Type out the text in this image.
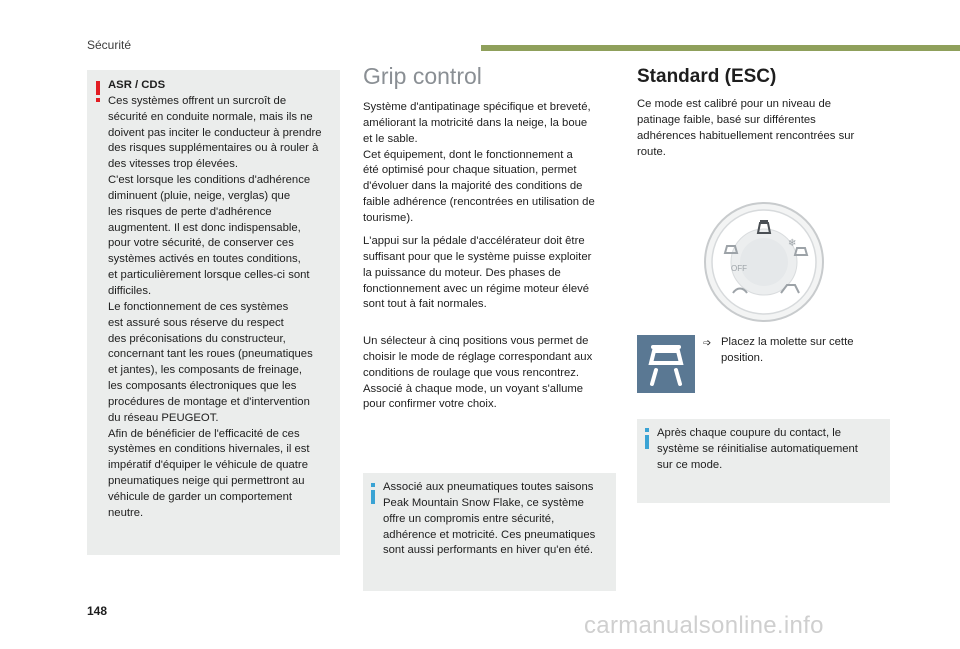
Sécurité
ASR / CDS
Ces systèmes offrent un surcroît de
sécurité en conduite normale, mais ils ne
doivent pas inciter le conducteur à prendre
des risques supplémentaires ou à rouler à
des vitesses trop élevées.
C'est lorsque les conditions d'adhérence
diminuent (pluie, neige, verglas) que
les risques de perte d'adhérence
augmentent. Il est donc indispensable,
pour votre sécurité, de conserver ces
systèmes activés en toutes conditions,
et particulièrement lorsque celles-ci sont
difficiles.
Le fonctionnement de ces systèmes
est assuré sous réserve du respect
des préconisations du constructeur,
concernant tant les roues (pneumatiques
et jantes), les composants de freinage,
les composants électroniques que les
procédures de montage et d'intervention
du réseau PEUGEOT.
Afin de bénéficier de l'efficacité de ces
systèmes en conditions hivernales, il est
impératif d'équiper le véhicule de quatre
pneumatiques neige qui permettront au
véhicule de garder un comportement
neutre.
Grip control
Système d'antipatinage spécifique et breveté,
améliorant la motricité dans la neige, la boue
et le sable.
Cet équipement, dont le fonctionnement a
été optimisé pour chaque situation, permet
d'évoluer dans la majorité des conditions de
faible adhérence (rencontrées en utilisation de
tourisme).
L'appui sur la pédale d'accélérateur doit être
suffisant pour que le système puisse exploiter
la puissance du moteur. Des phases de
fonctionnement avec un régime moteur élevé
sont tout à fait normales.
Un sélecteur à cinq positions vous permet de
choisir le mode de réglage correspondant aux
conditions de roulage que vous rencontrez.
Associé à chaque mode, un voyant s'allume
pour confirmer votre choix.
Associé aux pneumatiques toutes saisons
Peak Mountain Snow Flake, ce système
offre un compromis entre sécurité,
adhérence et motricité. Ces pneumatiques
sont aussi performants en hiver qu'en été.
Standard (ESC)
Ce mode est calibré pour un niveau de
patinage faible, basé sur différentes
adhérences habituellement rencontrées sur
route.
OFF
❄
➩ Placez la molette sur cette
position.
Après chaque coupure du contact, le
système se réinitialise automatiquement
sur ce mode.
148
carmanualsonline.info
